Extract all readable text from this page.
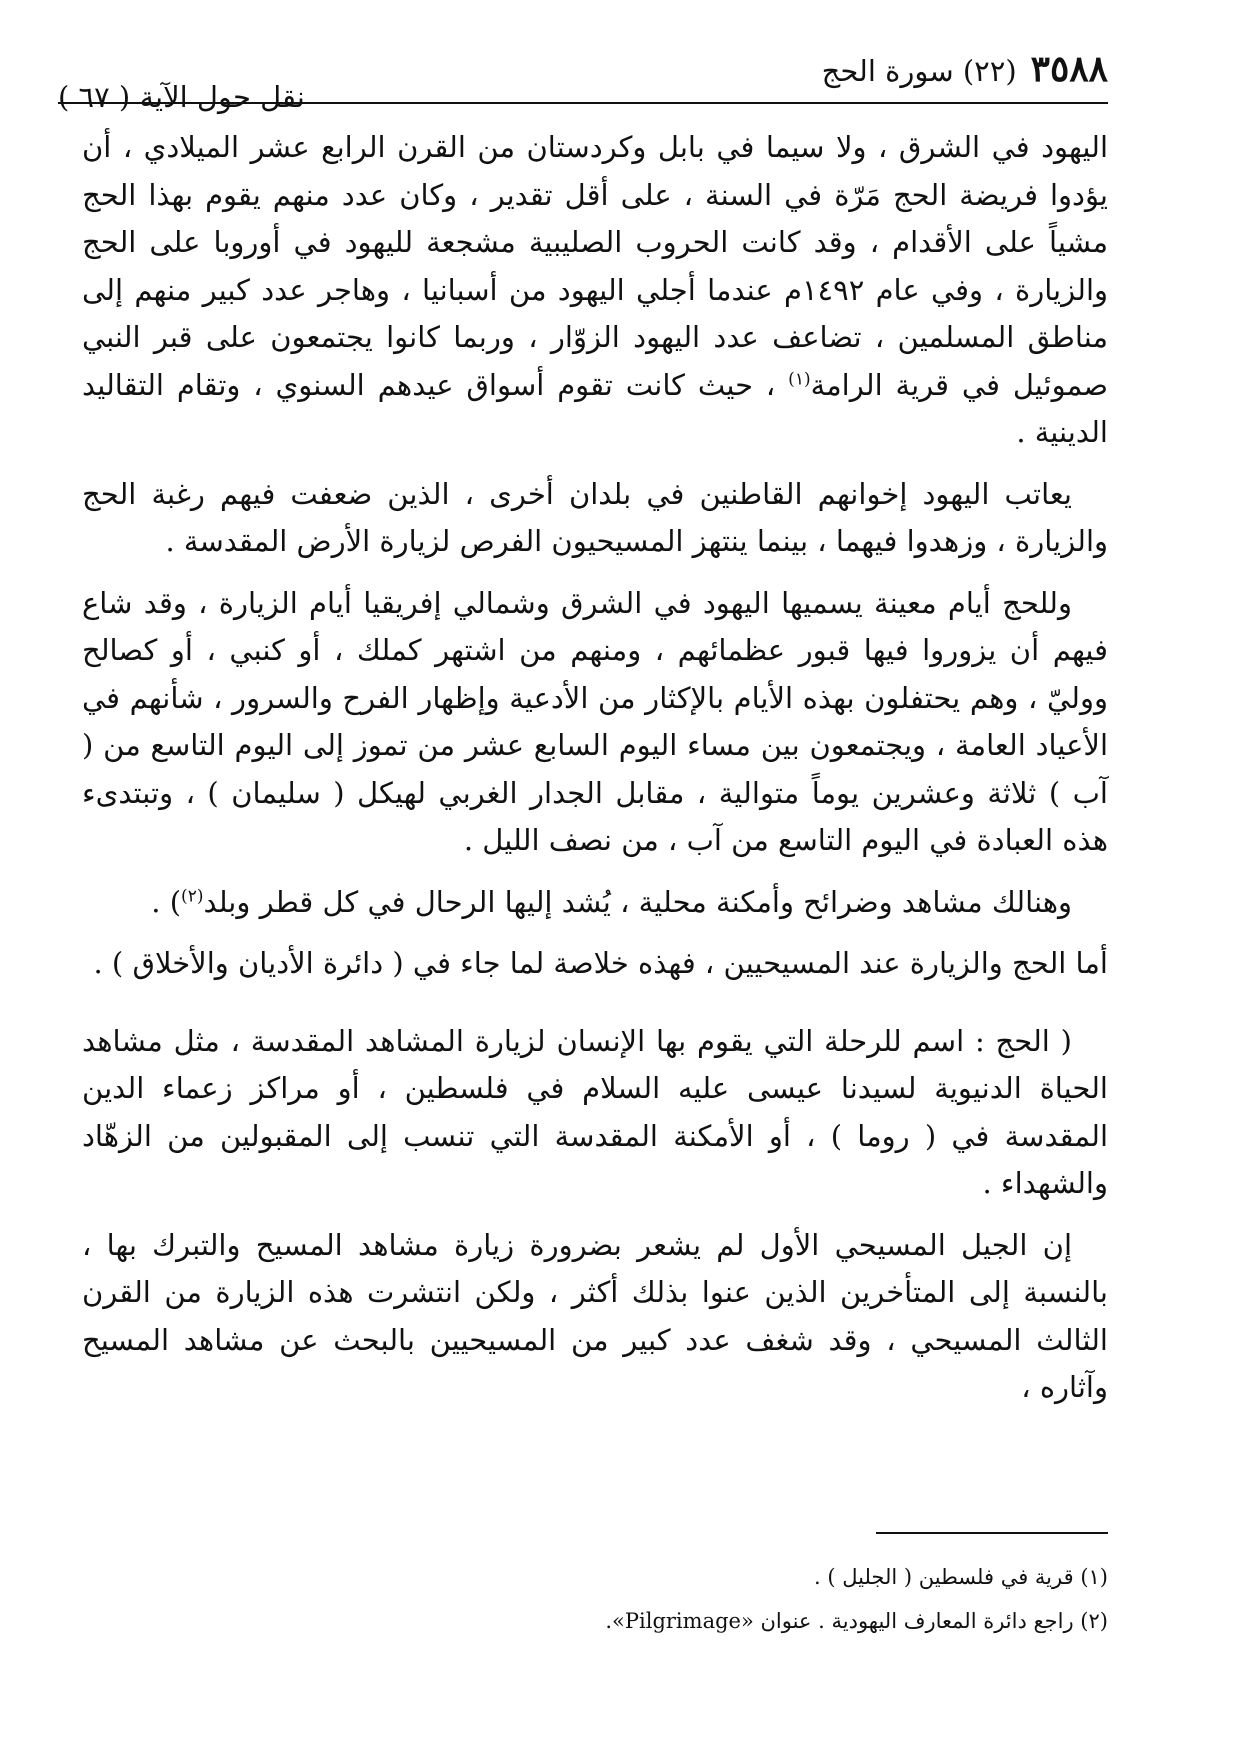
٣٥٨٨
(٢٢) سورة الحج
نقل حول الآية ( ٦٧ )

اليهود في الشرق ، ولا سيما في بابل وكردستان من القرن الرابع عشر الميلادي ، أن يؤدوا فريضة الحج مَرّة في السنة ، على أقل تقدير ، وكان عدد منهم يقوم بهذا الحج مشياً على الأقدام ، وقد كانت الحروب الصليبية مشجعة لليهود في أوروبا على الحج والزيارة ، وفي عام ١٤٩٢م عندما أجلي اليهود من أسبانيا ، وهاجر عدد كبير منهم إلى مناطق المسلمين ، تضاعف عدد اليهود الزوّار ، وربما كانوا يجتمعون على قبر النبي صموئيل في قرية الرامة$^{(١)}$ ، حيث كانت تقوم أسواق عيدهم السنوي ، وتقام التقاليد الدينية .

يعاتب اليهود إخوانهم القاطنين في بلدان أخرى ، الذين ضعفت فيهم رغبة الحج والزيارة ، وزهدوا فيهما ، بينما ينتهز المسيحيون الفرص لزيارة الأرض المقدسة .

وللحج أيام معينة يسميها اليهود في الشرق وشمالي إفريقيا أيام الزيارة ، وقد شاع فيهم أن يزوروا فيها قبور عظمائهم ، ومنهم من اشتهر كملك ، أو كنبي ، أو كصالح ووليّ ، وهم يحتفلون بهذه الأيام بالإكثار من الأدعية وإظهار الفرح والسرور ، شأنهم في الأعياد العامة ، ويجتمعون بين مساء اليوم السابع عشر من تموز إلى اليوم التاسع من ( آب ) ثلاثة وعشرين يوماً متوالية ، مقابل الجدار الغربي لهيكل ( سليمان ) ، وتبتدىء هذه العبادة في اليوم التاسع من آب ، من نصف الليل .

وهنالك مشاهد وضرائح وأمكنة محلية ، يُشد إليها الرحال في كل قطر وبلد$^{(٢)}$) .

أما الحج والزيارة عند المسيحيين ، فهذه خلاصة لما جاء في ( دائرة الأديان والأخلاق ) .

( الحج : اسم للرحلة التي يقوم بها الإنسان لزيارة المشاهد المقدسة ، مثل مشاهد الحياة الدنيوية لسيدنا عيسى عليه السلام في فلسطين ، أو مراكز زعماء الدين المقدسة في ( روما ) ، أو الأمكنة المقدسة التي تنسب إلى المقبولين من الزهّاد والشهداء .

إن الجيل المسيحي الأول لم يشعر بضرورة زيارة مشاهد المسيح والتبرك بها ، بالنسبة إلى المتأخرين الذين عنوا بذلك أكثر ، ولكن انتشرت هذه الزيارة من القرن الثالث المسيحي ، وقد شغف عدد كبير من المسيحيين بالبحث عن مشاهد المسيح وآثاره ،

(١) قرية في فلسطين ( الجليل ) .
(٢) راجع دائرة المعارف اليهودية . عنوان «Pilgrimage».
